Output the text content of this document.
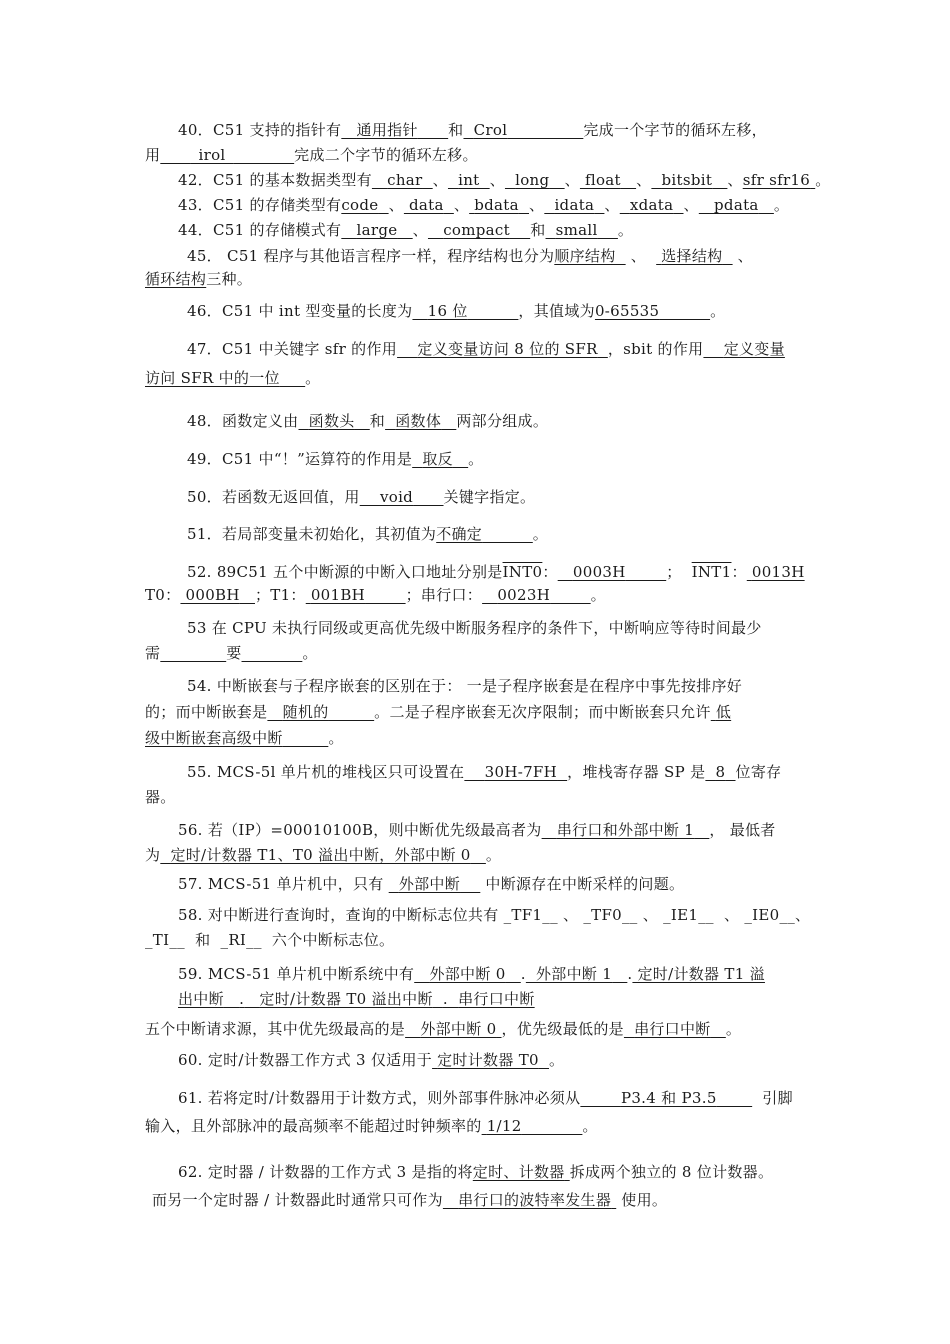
40．C51 支持的指针有 通用指针 和 Crol	完成一个字节的循环左移，
用 _irol_	完成二个字节的循环左移。
42．C51 的基本数据类型有 char 、 int 、 long 、 float 、 bitsbit 、sfr sfr16 。
43．C51 的存储类型有code 、 data 、 bdata 、 idata 、 xdata 、 pdata 。
44．C51 的存储模式有 large 、 compact 和 small 。
45． C51 程序与其他语言程序一样，程序结构也分为顺序结构 、 选择结构 、
循环结构三种。
46．C51 中 int 型变量的长度为 16 位	，其值域为0-65535	。
47．C51 中关键字 sfr 的作用 定义变量访问 8 位的 SFR ，sbit 的作用 定义变量
访问 SFR 中的一位 。
48．函数定义由 函数头 和 函数体 两部分组成。
49．C51 中“！”运算符的作用是 取反 。
50．若函数无返回值，用 void 关键字指定。
51．若局部变量未初始化，其初值为不确定	。
52. 89C51 五个中断源的中断入口地址分别是INT0： 0003H	； INT1： 0013H
T0： 000BH ；T1： 001BH	；串行口： 0023H	。
53 在 CPU 未执行同级或更高优先级中断服务程序的条件下，中断响应等待时间最少
需	要	。
54. 中断嵌套与子程序嵌套的区别在于： 一是子程序嵌套是在程序中事先按排序好
的；而中断嵌套是 随机的	。二是子程序嵌套无次序限制；而中断嵌套只允许 低
级中断嵌套高级中断	。
55. MCS-5l 单片机的堆栈区只可设置在 30H-7FH ，堆栈寄存器 SP 是 8 位寄存
器。
56. 若（IP）=00010100B，则中断优先级最高者为 串行口和外部中断 1 ， 最低者
为 定时/计数器 T1、T0 溢出中断，外部中断 0 。
57. MCS-51 单片机中，只有 外部中断 中断源存在中断采样的问题。
58. 对中断进行查询时，查询的中断标志位共有 _TF1__ 、 _TF0__ 、 _IE1__ 、 _IE0__、
_TI__ 和 _RI__ 六个中断标志位。
59. MCS-51 单片机中断系统中有 外部中断 0 . 外部中断 1 . 定时/计数器 T1 溢
出中断 . 定时/计数器 T0 溢出中断 . 串行口中断
五个中断请求源，其中优先级最高的是 外部中断 0 ，优先级最低的是 串行口中断 。
60. 定时/计数器工作方式 3 仅适用于 定时计数器 T0 。
61. 若将定时/计数器用于计数方式，则外部事件脉冲必须从	P3.4 和 P3.5	引脚
输入，且外部脉冲的最高频率不能超过时钟频率的 1/12	。
62. 定时器 / 计数器的工作方式 3 是指的将定时、计数器 拆成两个独立的 8 位计数器。
而另一个定时器 / 计数器此时通常只可作为 串行口的波特率发生器 使用。
